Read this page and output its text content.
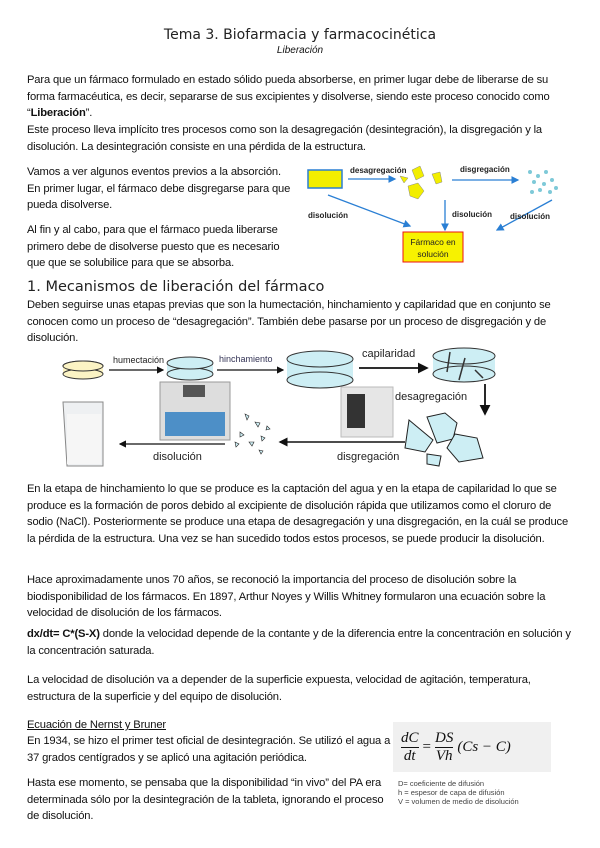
Tema 3. Biofarmacia y farmacocinética
Liberación
Para que un fármaco formulado en estado sólido pueda absorberse, en primer lugar debe de liberarse de su forma farmacéutica, es decir, separarse de sus excipientes y disolverse, siendo este proceso conocido como “Liberación”.
Este proceso lleva implícito tres procesos como son la desagregación (desintegración), la disgregación y la disolución. La desintegración consiste en una pérdida de la estructura.
Vamos a ver algunos eventos previos a la absorción. En primer lugar, el fármaco debe disgregarse para que pueda disolverse.
Al fin y al cabo, para que el fármaco pueda liberarse primero debe de disolverse puesto que es necesario que que se solubilice para que se absorba.
desagregación	disgregación
disolución	disolución disolución
Fármaco en
solución
1. Mecanismos de liberación del fármaco
Deben seguirse unas etapas previas que son la humectación, hinchamiento y capilaridad que en conjunto se conocen como un proceso de “desagregación”. También debe pasarse por un proceso de disgregación y de disolución.
humectación	hinchamiento	capilaridad
desagregación
disgregación
disolución
En la etapa de hinchamiento lo que se produce es la captación del agua y en la etapa de capilaridad lo que se produce es la formación de poros debido al excipiente de disolución rápida que utilizamos como el cloruro de sodio (NaCl). Posteriormente se produce una etapa de desagregación y una disgregación, en la cuál se produce la pérdida de la estructura. Una vez se han sucedido todos estos procesos, se puede producir la disolución.
Hace aproximadamente unos 70 años, se reconoció la importancia del proceso de disolución sobre la biodisponibilidad de los fármacos. En 1897, Arthur Noyes y Willis Whitney formularon una ecuación sobre la velocidad de disolución de los fármacos.
dx/dt= C*(S-X) donde la velocidad depende de la contante y de la diferencia entre la concentración en solución y la concentración saturada.
La velocidad de disolución va a depender de la superficie expuesta, velocidad de agitación, temperatura, estructura de la superficie y del equipo de disolución.
Ecuación de Nernst y Bruner
En 1934, se hizo el primer test oficial de desintegración. Se utilizó el agua a 37 grados centígrados y se aplicó una agitación periódica.
Hasta ese momento, se pensaba que la disponibilidad “in vivo” del PA era determinada sólo por la desintegración de la tableta, ignorando el proceso de disolución.
$\frac{dC}{dt} = \frac{DS}{Vh} (Cs - C)$
D= coeficiente de difusión
h = espesor de capa de difusión
V = volumen de medio de disolución
